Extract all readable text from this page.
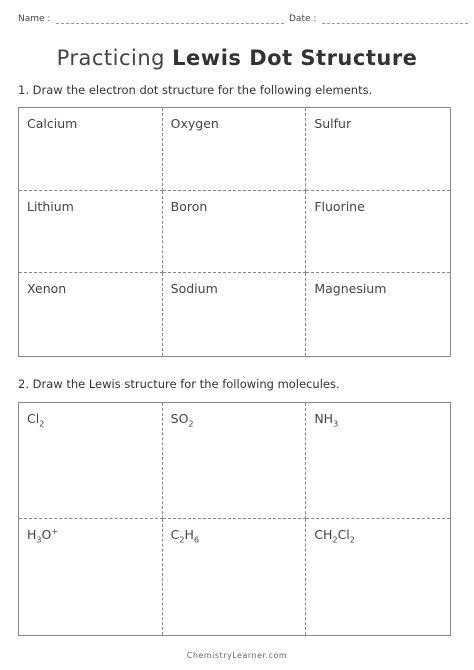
Name :	Date :
Practicing Lewis Dot Structure
1. Draw the electron dot structure for the following elements.
Calcium	Oxygen	Sulfur
Lithium	Boron	Fluorine
Xenon	Sodium	Magnesium
2. Draw the Lewis structure for the following molecules.
$Cl_2$	$SO_2$	$NH_3$
$H_3O^+$	$C_2H_6$	$CH_2Cl_2$
ChemistryLearner.com
